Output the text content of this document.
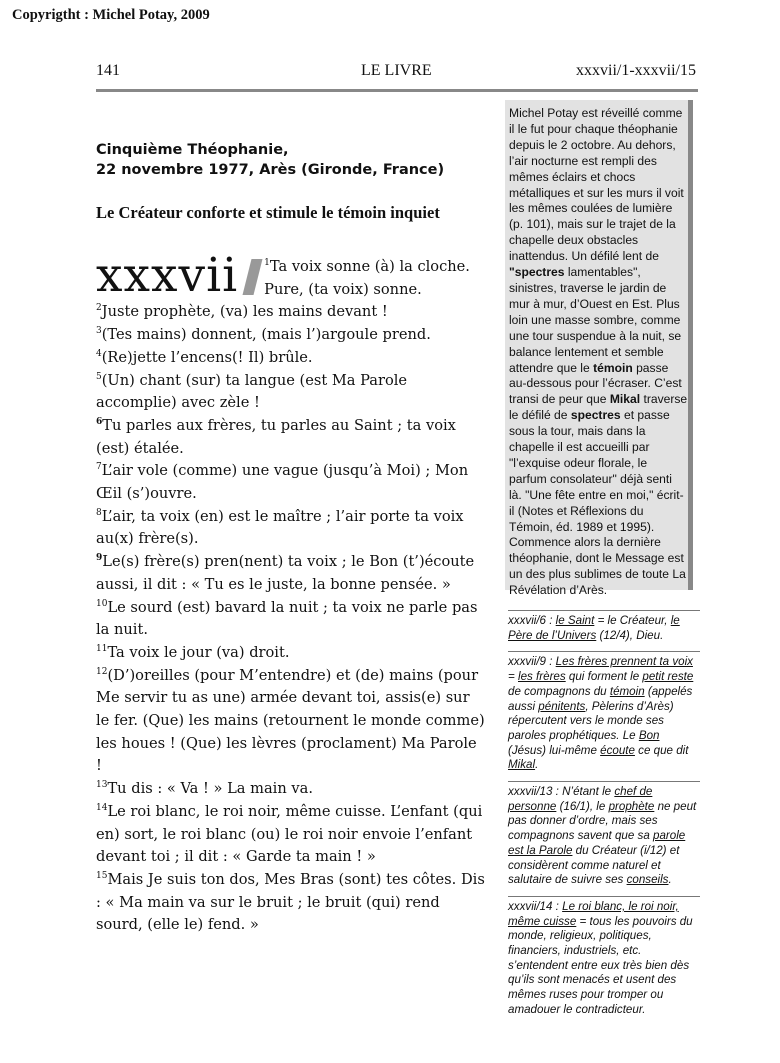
Copyrigtht : Michel Potay, 2009
141	LE LIVRE	xxxvii/1-xxxvii/15
Cinquième Théophanie,
22 novembre 1977, Arès (Gironde, France)
Le Créateur conforte et stimule le témoin inquiet
xxxvii	$^1$Ta voix sonne (à) la cloche.
Pure, (ta voix) sonne.

$^2$Juste prophète, (va) les mains devant !

$^3$(Tes mains) donnent, (mais l’)argoule prend.

$^4$(Re)jette l’encens(! Il) brûle.

$^5$(Un) chant (sur) ta langue (est Ma Parole accomplie) avec zèle !

$^6$Tu parles aux frères, tu parles au Saint ; ta voix (est) étalée.

$^7$L’air vole (comme) une vague (jusqu’à Moi) ; Mon Œil (s’)ouvre.

$^8$L’air, ta voix (en) est le maître ; l’air porte ta voix au(x) frère(s).

$^9$Le(s) frère(s) pren(nent) ta voix ; le Bon (t’)écoute aussi, il dit : « Tu es le juste, la bonne pensée. »

$^{10}$Le sourd (est) bavard la nuit ; ta voix ne parle pas la nuit.

$^{11}$Ta voix le jour (va) droit.

$^{12}$(D’)oreilles (pour M’entendre) et (de) mains (pour Me servir tu as une) armée devant toi, assis(e) sur le fer. (Que) les mains (retournent le monde comme) les houes ! (Que) les lèvres (proclament) Ma Parole !

$^{13}$Tu dis : « Va ! » La main va.

$^{14}$Le roi blanc, le roi noir, même cuisse. L’enfant (qui en) sort, le roi blanc (ou) le roi noir envoie l’enfant devant toi ; il dit : « Garde ta main ! »

$^{15}$Mais Je suis ton dos, Mes Bras (sont) tes côtes. Dis : « Ma main va sur le bruit ; le bruit (qui) rend sourd, (elle le) fend. »

Michel Potay est réveillé comme il le fut pour chaque théophanie depuis le 2 octobre. Au dehors, l’air nocturne est rempli des mêmes éclairs et chocs métalliques et sur les murs il voit les mêmes coulées de lumière (p. 101), mais sur le trajet de la chapelle deux obstacles inattendus. Un défilé lent de "spectres lamentables", sinistres, traverse le jardin de mur à mur, d’Ouest en Est. Plus loin une masse sombre, comme une tour suspendue à la nuit, se balance lentement et semble attendre que le témoin passe au-dessous pour l’écraser. C’est transi de peur que Mikal traverse le défilé de spectres et passe sous la tour, mais dans la chapelle il est accueilli par "l’exquise odeur florale, le parfum consolateur" déjà senti là. "Une fête entre en moi," écrit-il (Notes et Réflexions du Témoin, éd. 1989 et 1995). Commence alors la dernière théophanie, dont le Message est un des plus sublimes de toute La Révélation d’Arès.

xxxvii/6 : le Saint = le Créateur, le Père de l’Univers (12/4), Dieu.

xxxvii/9 : Les frères prennent ta voix = les frères qui forment le petit reste de compagnons du témoin (appelés aussi pénitents, Pèlerins d’Arès) répercutent vers le monde ses paroles prophétiques. Le Bon (Jésus) lui-même écoute ce que dit Mikal.

xxxvii/13 : N’étant le chef de personne (16/1), le prophète ne peut pas donner d’ordre, mais ses compagnons savent que sa parole est la Parole du Créateur (i/12) et considèrent comme naturel et salutaire de suivre ses conseils.

xxxvii/14 : Le roi blanc, le roi noir, même cuisse = tous les pouvoirs du monde, religieux, politiques, financiers, industriels, etc. s’entendent entre eux très bien dès qu’ils sont menacés et usent des mêmes ruses pour tromper ou amadouer le contradicteur.
